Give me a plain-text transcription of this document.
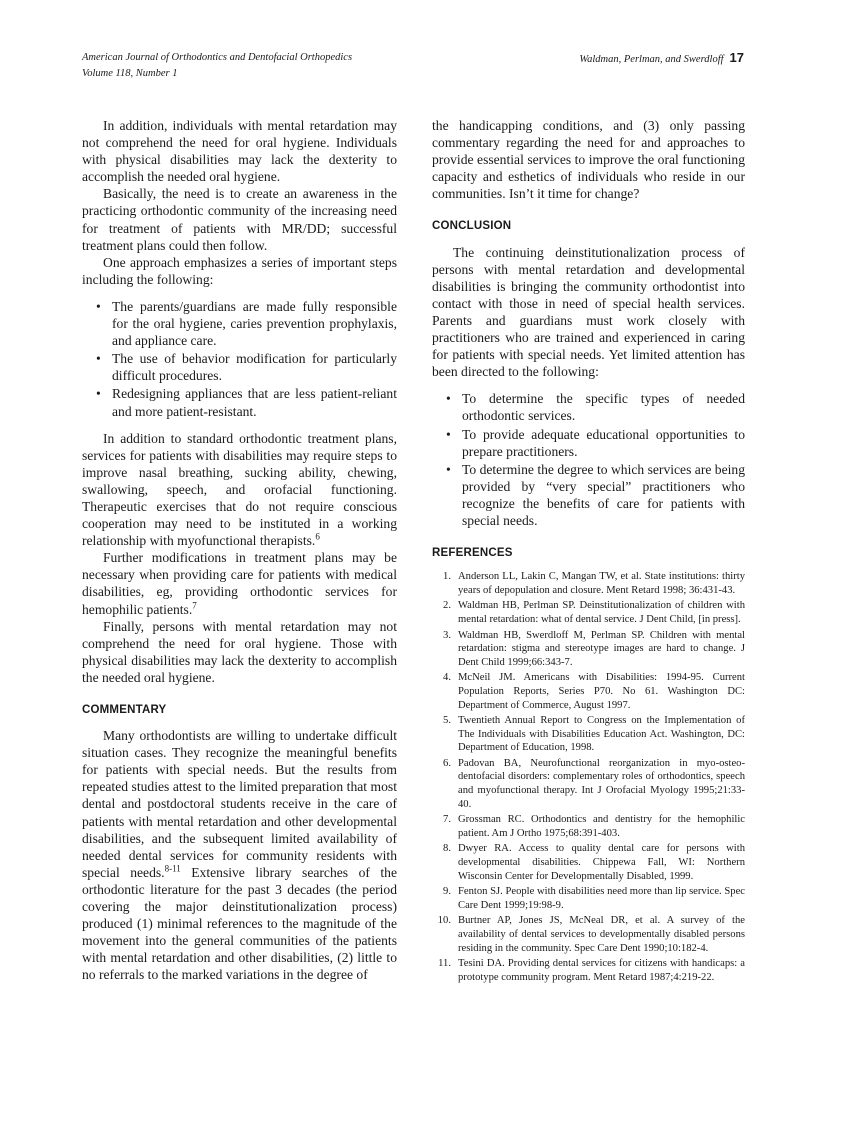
American Journal of Orthodontics and Dentofacial Orthopedics
Volume 118, Number 1
Waldman, Perlman, and Swerdloff 17

In addition, individuals with mental retardation may not comprehend the need for oral hygiene. Individuals with physical disabilities may lack the dexterity to accomplish the needed oral hygiene.

Basically, the need is to create an awareness in the practicing orthodontic community of the increasing need for treatment of patients with MR/DD; successful treatment plans could then follow.

One approach emphasizes a series of important steps including the following:

• The parents/guardians are made fully responsible for the oral hygiene, caries prevention prophylaxis, and appliance care.
• The use of behavior modification for particularly difficult procedures.
• Redesigning appliances that are less patient-reliant and more patient-resistant.

In addition to standard orthodontic treatment plans, services for patients with disabilities may require steps to improve nasal breathing, sucking ability, chewing, swallowing, speech, and orofacial functioning. Therapeutic exercises that do not require conscious cooperation may need to be instituted in a working relationship with myofunctional therapists.$^6$

Further modifications in treatment plans may be necessary when providing care for patients with medical disabilities, eg, providing orthodontic services for hemophilic patients.$^7$

Finally, persons with mental retardation may not comprehend the need for oral hygiene. Those with physical disabilities may lack the dexterity to accomplish the needed oral hygiene.

COMMENTARY

Many orthodontists are willing to undertake difficult situation cases. They recognize the meaningful benefits for patients with special needs. But the results from repeated studies attest to the limited preparation that most dental and postdoctoral students receive in the care of patients with mental retardation and other developmental disabilities, and the subsequent limited availability of needed dental services for community residents with special needs.$^{8-11}$ Extensive library searches of the orthodontic literature for the past 3 decades (the period covering the major deinstitutionalization process) produced (1) minimal references to the magnitude of the movement into the general communities of the patients with mental retardation and other disabilities, (2) little to no referrals to the marked variations in the degree of

the handicapping conditions, and (3) only passing commentary regarding the need for and approaches to provide essential services to improve the oral functioning capacity and esthetics of individuals who reside in our communities. Isn’t it time for change?

CONCLUSION

The continuing deinstitutionalization process of persons with mental retardation and developmental disabilities is bringing the community orthodontist into contact with those in need of special health services. Parents and guardians must work closely with practitioners who are trained and experienced in caring for patients with special needs. Yet limited attention has been directed to the following:

• To determine the specific types of needed orthodontic services.
• To provide adequate educational opportunities to prepare practitioners.
• To determine the degree to which services are being provided by “very special” practitioners who recognize the benefits of care for patients with special needs.
REFERENCES
1. Anderson LL, Lakin C, Mangan TW, et al. State institutions: thirty years of depopulation and closure. Ment Retard 1998; 36:431-43.
2. Waldman HB, Perlman SP. Deinstitutionalization of children with mental retardation: what of dental service. J Dent Child, [in press].
3. Waldman HB, Swerdloff M, Perlman SP. Children with mental retardation: stigma and stereotype images are hard to change. J Dent Child 1999;66:343-7.
4. McNeil JM. Americans with Disabilities: 1994-95. Current Population Reports, Series P70. No 61. Washington DC: Department of Commerce, August 1997.
5. Twentieth Annual Report to Congress on the Implementation of The Individuals with Disabilities Education Act. Washington, DC: Department of Education, 1998.
6. Padovan BA, Neurofunctional reorganization in myo-osteo-dentofacial disorders: complementary roles of orthodontics, speech and myofunctional therapy. Int J Orofacial Myology 1995;21:33-40.
7. Grossman RC. Orthodontics and dentistry for the hemophilic patient. Am J Ortho 1975;68:391-403.
8. Dwyer RA. Access to quality dental care for persons with developmental disabilities. Chippewa Fall, WI: Northern Wisconsin Center for Developmentally Disabled, 1999.
9. Fenton SJ. People with disabilities need more than lip service. Spec Care Dent 1999;19:98-9.
10. Burtner AP, Jones JS, McNeal DR, et al. A survey of the availability of dental services to developmentally disabled persons residing in the community. Spec Care Dent 1990;10:182-4.
11. Tesini DA. Providing dental services for citizens with handicaps: a prototype community program. Ment Retard 1987;4:219-22.
